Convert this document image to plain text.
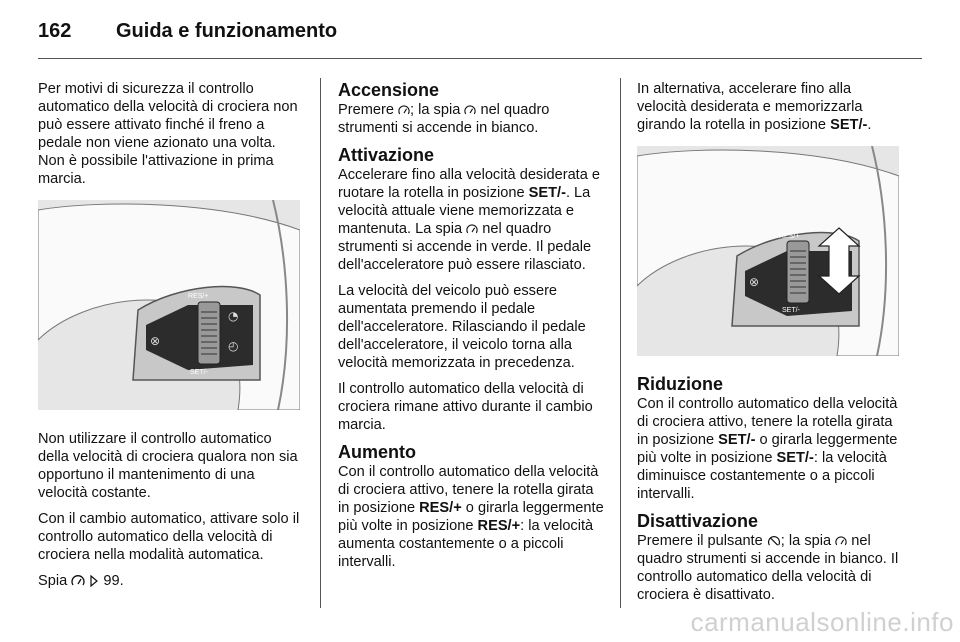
162 Guida e funzionamento

Per motivi di sicurezza il controllo automatico della velocità di crociera non può essere attivato finché il freno a pedale non viene azionato una volta. Non è possibile l'attivazione in prima marcia.

RES/+
SET/-
⊗
◔
◴

Non utilizzare il controllo automatico della velocità di crociera qualora non sia opportuno il mantenimento di una velocità costante.

Con il cambio automatico, attivare solo il controllo automatico della velocità di crociera nella modalità automatica.

Spia 99.

Accensione

Premere ; la spia nel quadro strumenti si accende in bianco.

Attivazione

Accelerare fino alla velocità desiderata e ruotare la rotella in posizione SET/-. La velocità attuale viene memorizzata e mantenuta. La spia nel quadro strumenti si accende in verde. Il pedale dell'acceleratore può essere rilasciato.

La velocità del veicolo può essere aumentata premendo il pedale dell'acceleratore. Rilasciando il pedale dell'acceleratore, il veicolo torna alla velocità memorizzata in precedenza.

Il controllo automatico della velocità di crociera rimane attivo durante il cambio marcia.

Aumento

Con il controllo automatico della velocità di crociera attivo, tenere la rotella girata in posizione RES/+ o girarla leggermente più volte in posizione RES/+: la velocità aumenta costantemente o a piccoli intervalli.

In alternativa, accelerare fino alla velocità desiderata e memorizzarla girando la rotella in posizione SET/-.

RES/+
SET/-
⊗
Riduzione

Con il controllo automatico della velocità di crociera attivo, tenere la rotella girata in posizione SET/- o girarla leggermente più volte in posizione SET/-: la velocità diminuisce costantemente o a piccoli intervalli.

Disattivazione

Premere il pulsante ; la spia nel quadro strumenti si accende in bianco. Il controllo automatico della velocità di crociera è disattivato.

carmanualsonline.info
